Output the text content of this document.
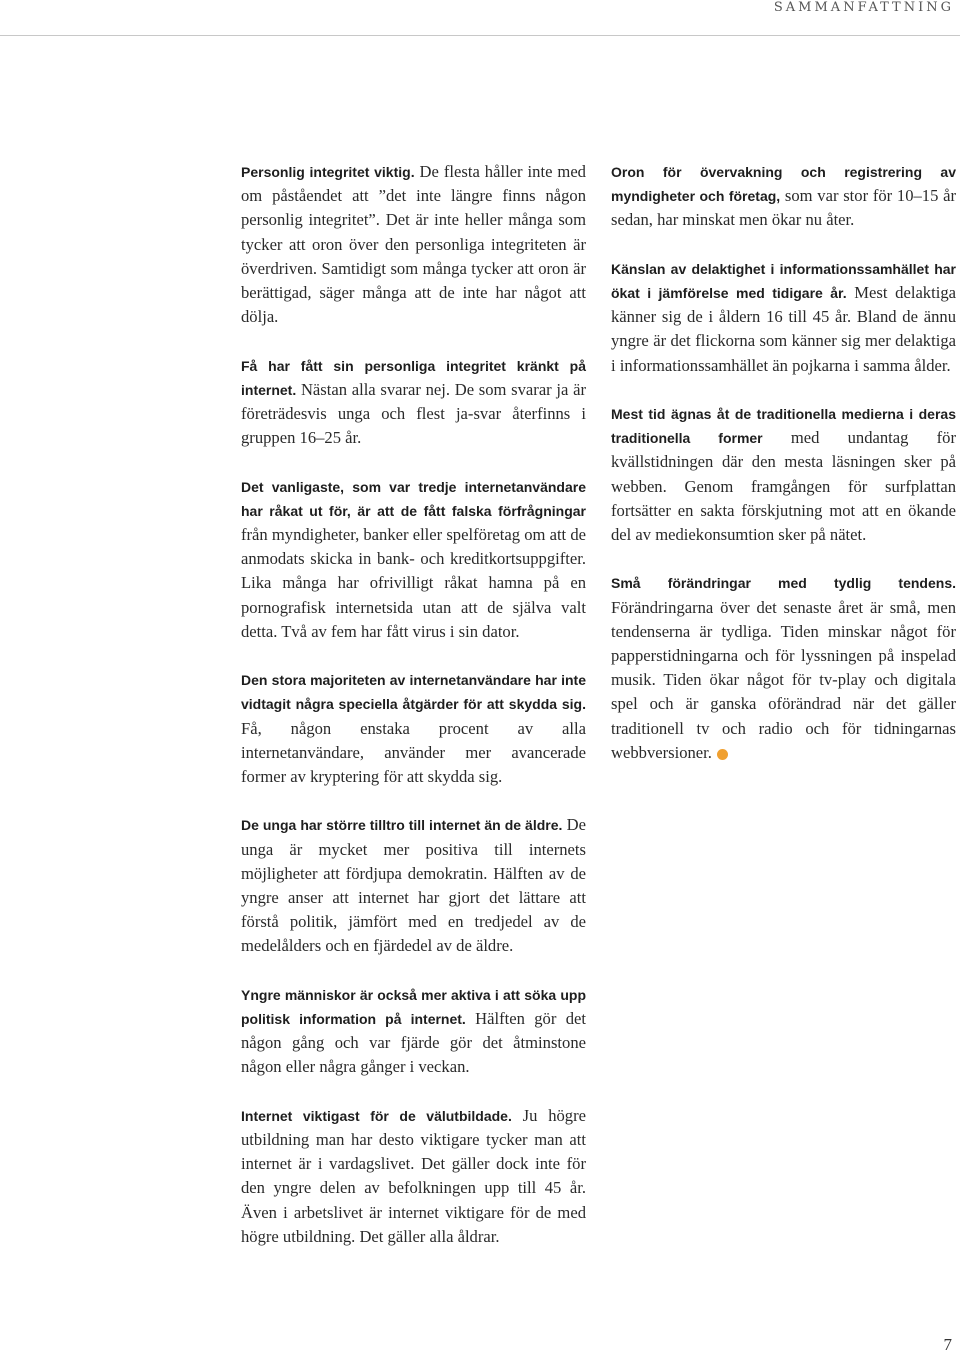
SAMMANFATTNING

Personlig integritet viktig. De flesta håller inte med om påståendet att ”det inte längre finns någon personlig integritet”. Det är inte heller många som tycker att oron över den personliga integriteten är överdriven. Samtidigt som många tycker att oron är berättigad, säger många att de inte har något att dölja.

Få har fått sin personliga integritet kränkt på internet. Nästan alla svarar nej. De som svarar ja är företrädesvis unga och flest ja-svar återfinns i gruppen 16–25 år.

Det vanligaste, som var tredje internetanvändare har råkat ut för, är att de fått falska förfrågningar från myndigheter, banker eller spelföretag om att de anmodats skicka in bank- och kreditkortsuppgifter. Lika många har ofrivilligt råkat hamna på en pornografisk internetsida utan att de själva valt detta. Två av fem har fått virus i sin dator.

Den stora majoriteten av internetanvändare har inte vidtagit några speciella åtgärder för att skydda sig. Få, någon enstaka procent av alla internetanvändare, använder mer avancerade former av kryptering för att skydda sig.

De unga har större tilltro till internet än de äldre. De unga är mycket mer positiva till internets möjligheter att fördjupa demokratin. Hälften av de yngre anser att internet har gjort det lättare att förstå politik, jämfört med en tredjedel av de medelålders och en fjärdedel av de äldre.

Yngre människor är också mer aktiva i att söka upp politisk information på internet. Hälften gör det någon gång och var fjärde gör det åtminstone någon eller några gånger i veckan.

Internet viktigast för de välutbildade. Ju högre utbildning man har desto viktigare tycker man att internet är i vardagslivet. Det gäller dock inte för den yngre delen av befolkningen upp till 45 år. Även i arbetslivet är internet viktigare för de med högre utbildning. Det gäller alla åldrar.

Oron för övervakning och registrering av myndigheter och företag, som var stor för 10–15 år sedan, har minskat men ökar nu åter.

Känslan av delaktighet i informationssamhället har ökat i jämförelse med tidigare år. Mest delaktiga känner sig de i åldern 16 till 45 år. Bland de ännu yngre är det flickorna som känner sig mer delaktiga i informationssamhället än pojkarna i samma ålder.

Mest tid ägnas åt de traditionella medierna i deras traditionella former med undantag för kvällstidningen där den mesta läsningen sker på webben. Genom framgången för surfplattan fortsätter en sakta förskjutning mot att en ökande del av mediekonsumtion sker på nätet.

Små förändringar med tydlig tendens. Förändringarna över det senaste året är små, men tendenserna är tydliga. Tiden minskar något för papperstidningarna och för lyssningen på inspelad musik. Tiden ökar något för tv-play och digitala spel och är ganska oförändrad när det gäller traditionell tv och radio och för tidningarnas webbversioner.

7
